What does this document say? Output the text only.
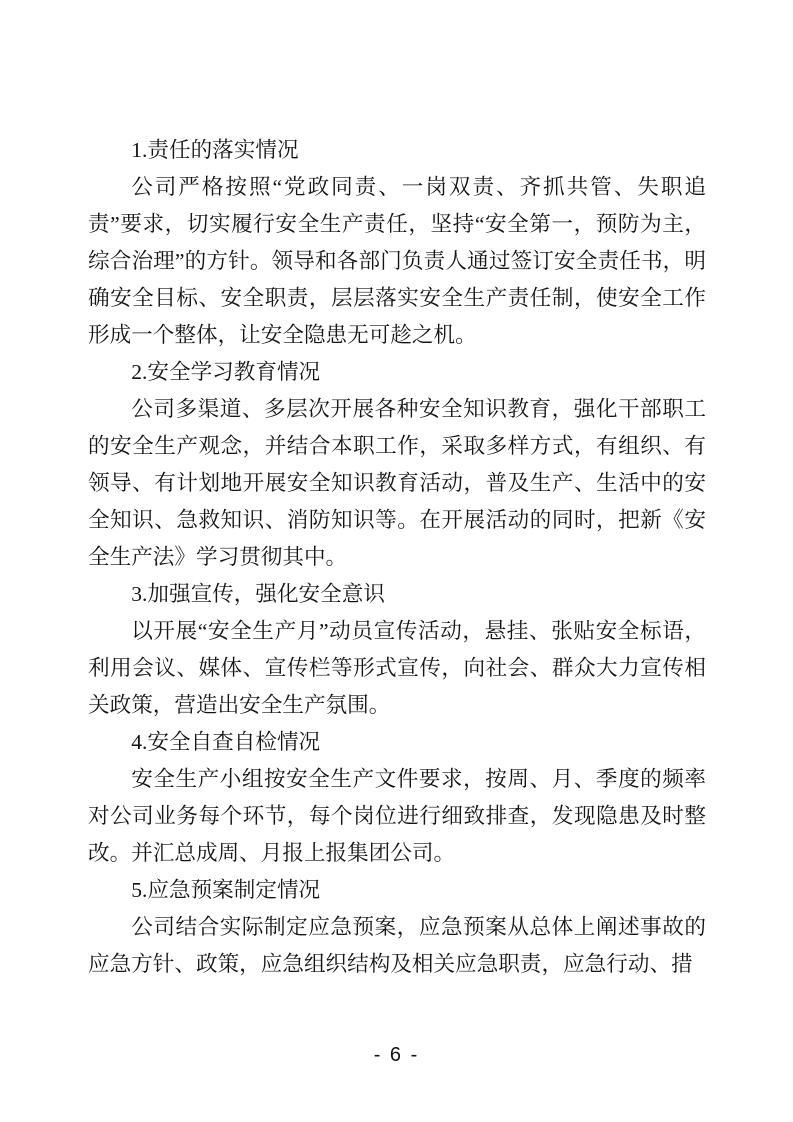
1.责任的落实情况

公司严格按照“党政同责、一岗双责、齐抓共管、失职追责”要求，切实履行安全生产责任，坚持“安全第一，预防为主，综合治理”的方针。领导和各部门负责人通过签订安全责任书，明确安全目标、安全职责，层层落实安全生产责任制，使安全工作形成一个整体，让安全隐患无可趁之机。

2.安全学习教育情况

公司多渠道、多层次开展各种安全知识教育，强化干部职工的安全生产观念，并结合本职工作，采取多样方式，有组织、有领导、有计划地开展安全知识教育活动，普及生产、生活中的安全知识、急救知识、消防知识等。在开展活动的同时，把新《安全生产法》学习贯彻其中。

3.加强宣传，强化安全意识

以开展“安全生产月”动员宣传活动，悬挂、张贴安全标语，利用会议、媒体、宣传栏等形式宣传，向社会、群众大力宣传相关政策，营造出安全生产氛围。

4.安全自查自检情况

安全生产小组按安全生产文件要求，按周、月、季度的频率对公司业务每个环节，每个岗位进行细致排查，发现隐患及时整改。并汇总成周、月报上报集团公司。

5.应急预案制定情况

公司结合实际制定应急预案，应急预案从总体上阐述事故的应急方针、政策，应急组织结构及相关应急职责，应急行动、措

- 6 -
